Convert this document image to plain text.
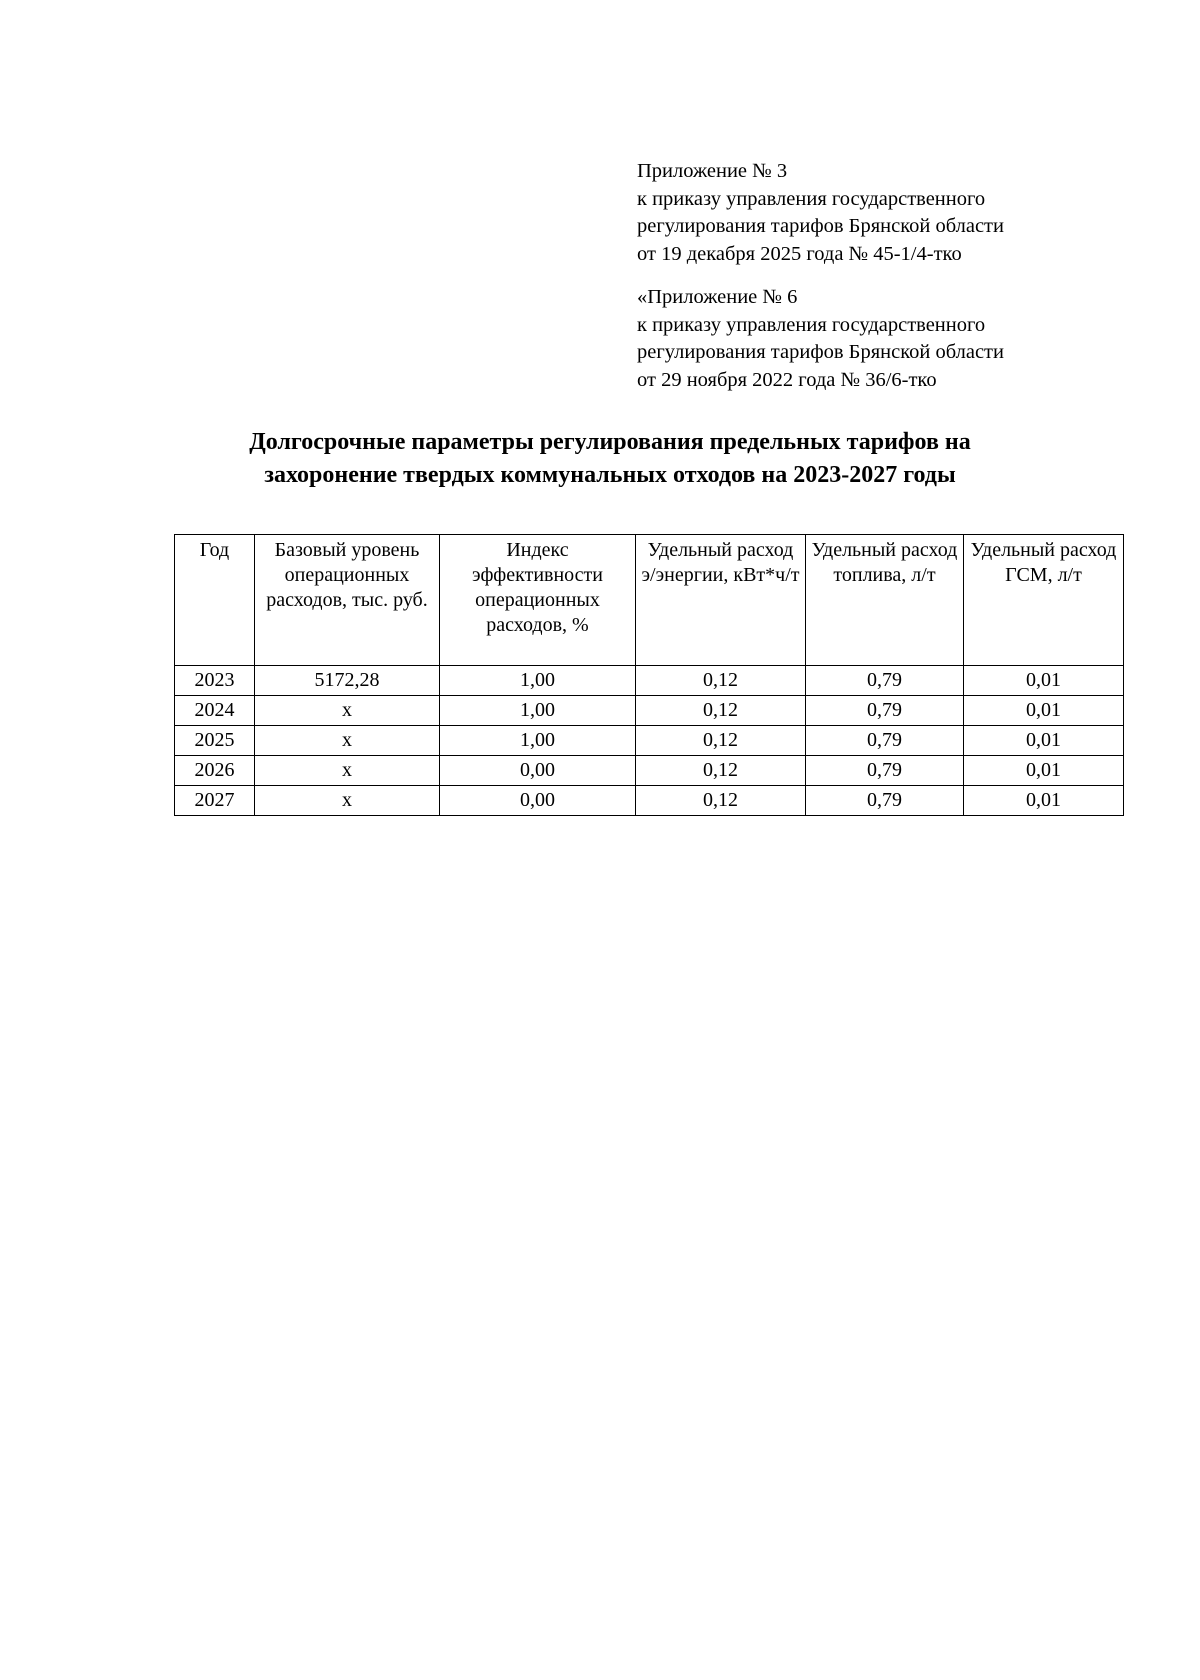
Приложение № 3
к приказу управления государственного
регулирования тарифов Брянской области
от 19 декабря 2025 года № 45-1/4-тко
«Приложение № 6
к приказу управления государственного
регулирования тарифов Брянской области
от 29 ноября 2022 года № 36/6-тко
Долгосрочные параметры регулирования предельных тарифов на
захоронение твердых коммунальных отходов на 2023-2027 годы
Год	Базовый уровень операционных расходов, тыс. руб.	Индекс эффективности операционных расходов, %	Удельный расход э/энергии, кВт*ч/т	Удельный расход топлива, л/т	Удельный расход ГСМ, л/т
2023	5172,28	1,00	0,12	0,79	0,01
2024	х	1,00	0,12	0,79	0,01
2025	х	1,00	0,12	0,79	0,01
2026	х	0,00	0,12	0,79	0,01
2027	х	0,00	0,12	0,79	0,01
